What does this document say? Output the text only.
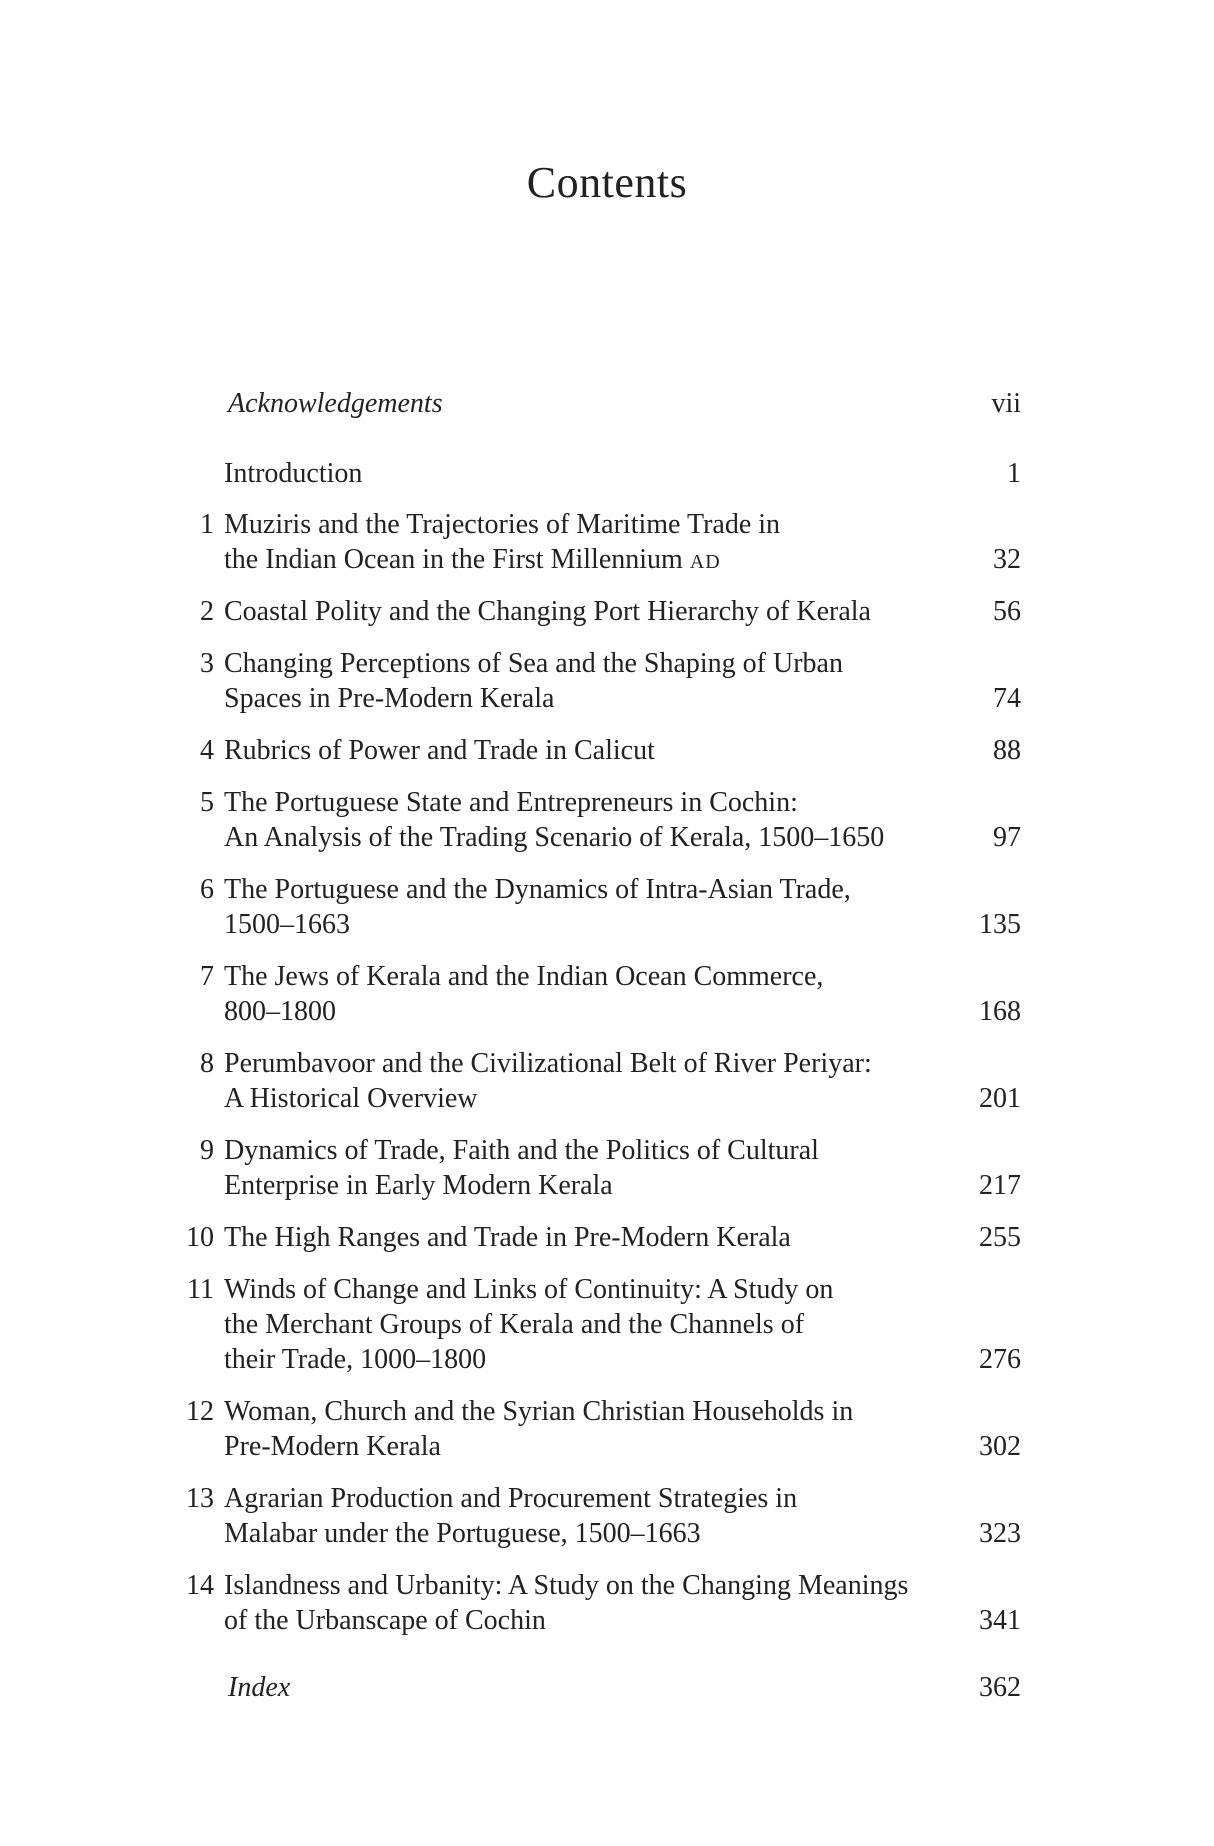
Contents
Acknowledgements	vii
Introduction	1
1 Muziris and the Trajectories of Maritime Trade in
the Indian Ocean in the First Millennium ad	32
2 Coastal Polity and the Changing Port Hierarchy of Kerala	56
3 Changing Perceptions of Sea and the Shaping of Urban
Spaces in Pre-Modern Kerala	74
4 Rubrics of Power and Trade in Calicut	88
5 The Portuguese State and Entrepreneurs in Cochin:
An Analysis of the Trading Scenario of Kerala, 1500–1650	97
6 The Portuguese and the Dynamics of Intra-Asian Trade,
1500–1663	135
7 The Jews of Kerala and the Indian Ocean Commerce,
800–1800	168
8 Perumbavoor and the Civilizational Belt of River Periyar:
A Historical Overview	201
9 Dynamics of Trade, Faith and the Politics of Cultural
Enterprise in Early Modern Kerala	217
10 The High Ranges and Trade in Pre-Modern Kerala	255
11 Winds of Change and Links of Continuity: A Study on
the Merchant Groups of Kerala and the Channels of
their Trade, 1000–1800	276
12 Woman, Church and the Syrian Christian Households in
Pre-Modern Kerala	302
13 Agrarian Production and Procurement Strategies in
Malabar under the Portuguese, 1500–1663	323
14 Islandness and Urbanity: A Study on the Changing Meanings
of the Urbanscape of Cochin	341
Index	362
